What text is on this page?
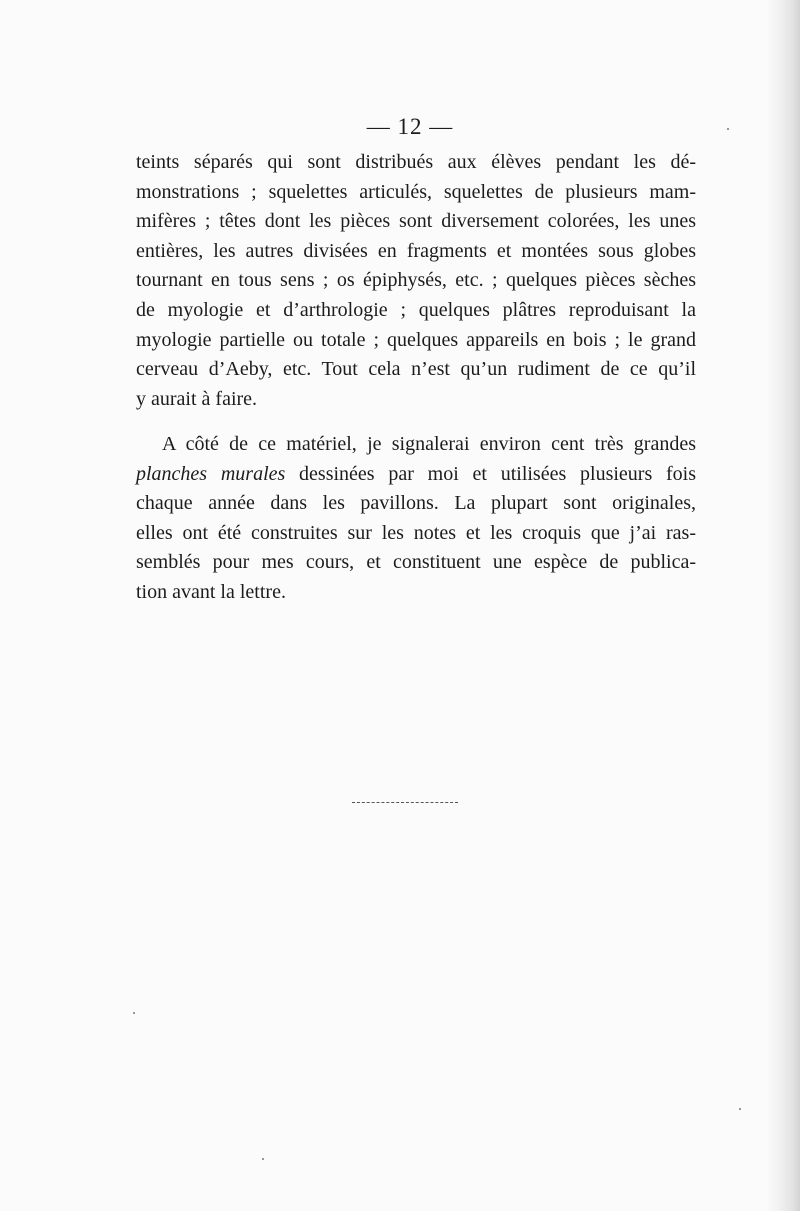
— 12 —
teints séparés qui sont distribués aux élèves pendant les dé-
monstrations ; squelettes articulés, squelettes de plusieurs mam-
mifères ; têtes dont les pièces sont diversement colorées, les unes
entières, les autres divisées en fragments et montées sous globes
tournant en tous sens ; os épiphysés, etc. ; quelques pièces sèches
de myologie et d’arthrologie ; quelques plâtres reproduisant la
myologie partielle ou totale ; quelques appareils en bois ; le grand
cerveau d’Aeby, etc. Tout cela n’est qu’un rudiment de ce qu’il
y aurait à faire.
A côté de ce matériel, je signalerai environ cent très grandes
planches murales dessinées par moi et utilisées plusieurs fois
chaque année dans les pavillons. La plupart sont originales,
elles ont été construites sur les notes et les croquis que j’ai ras-
semblés pour mes cours, et constituent une espèce de publica-
tion avant la lettre.
